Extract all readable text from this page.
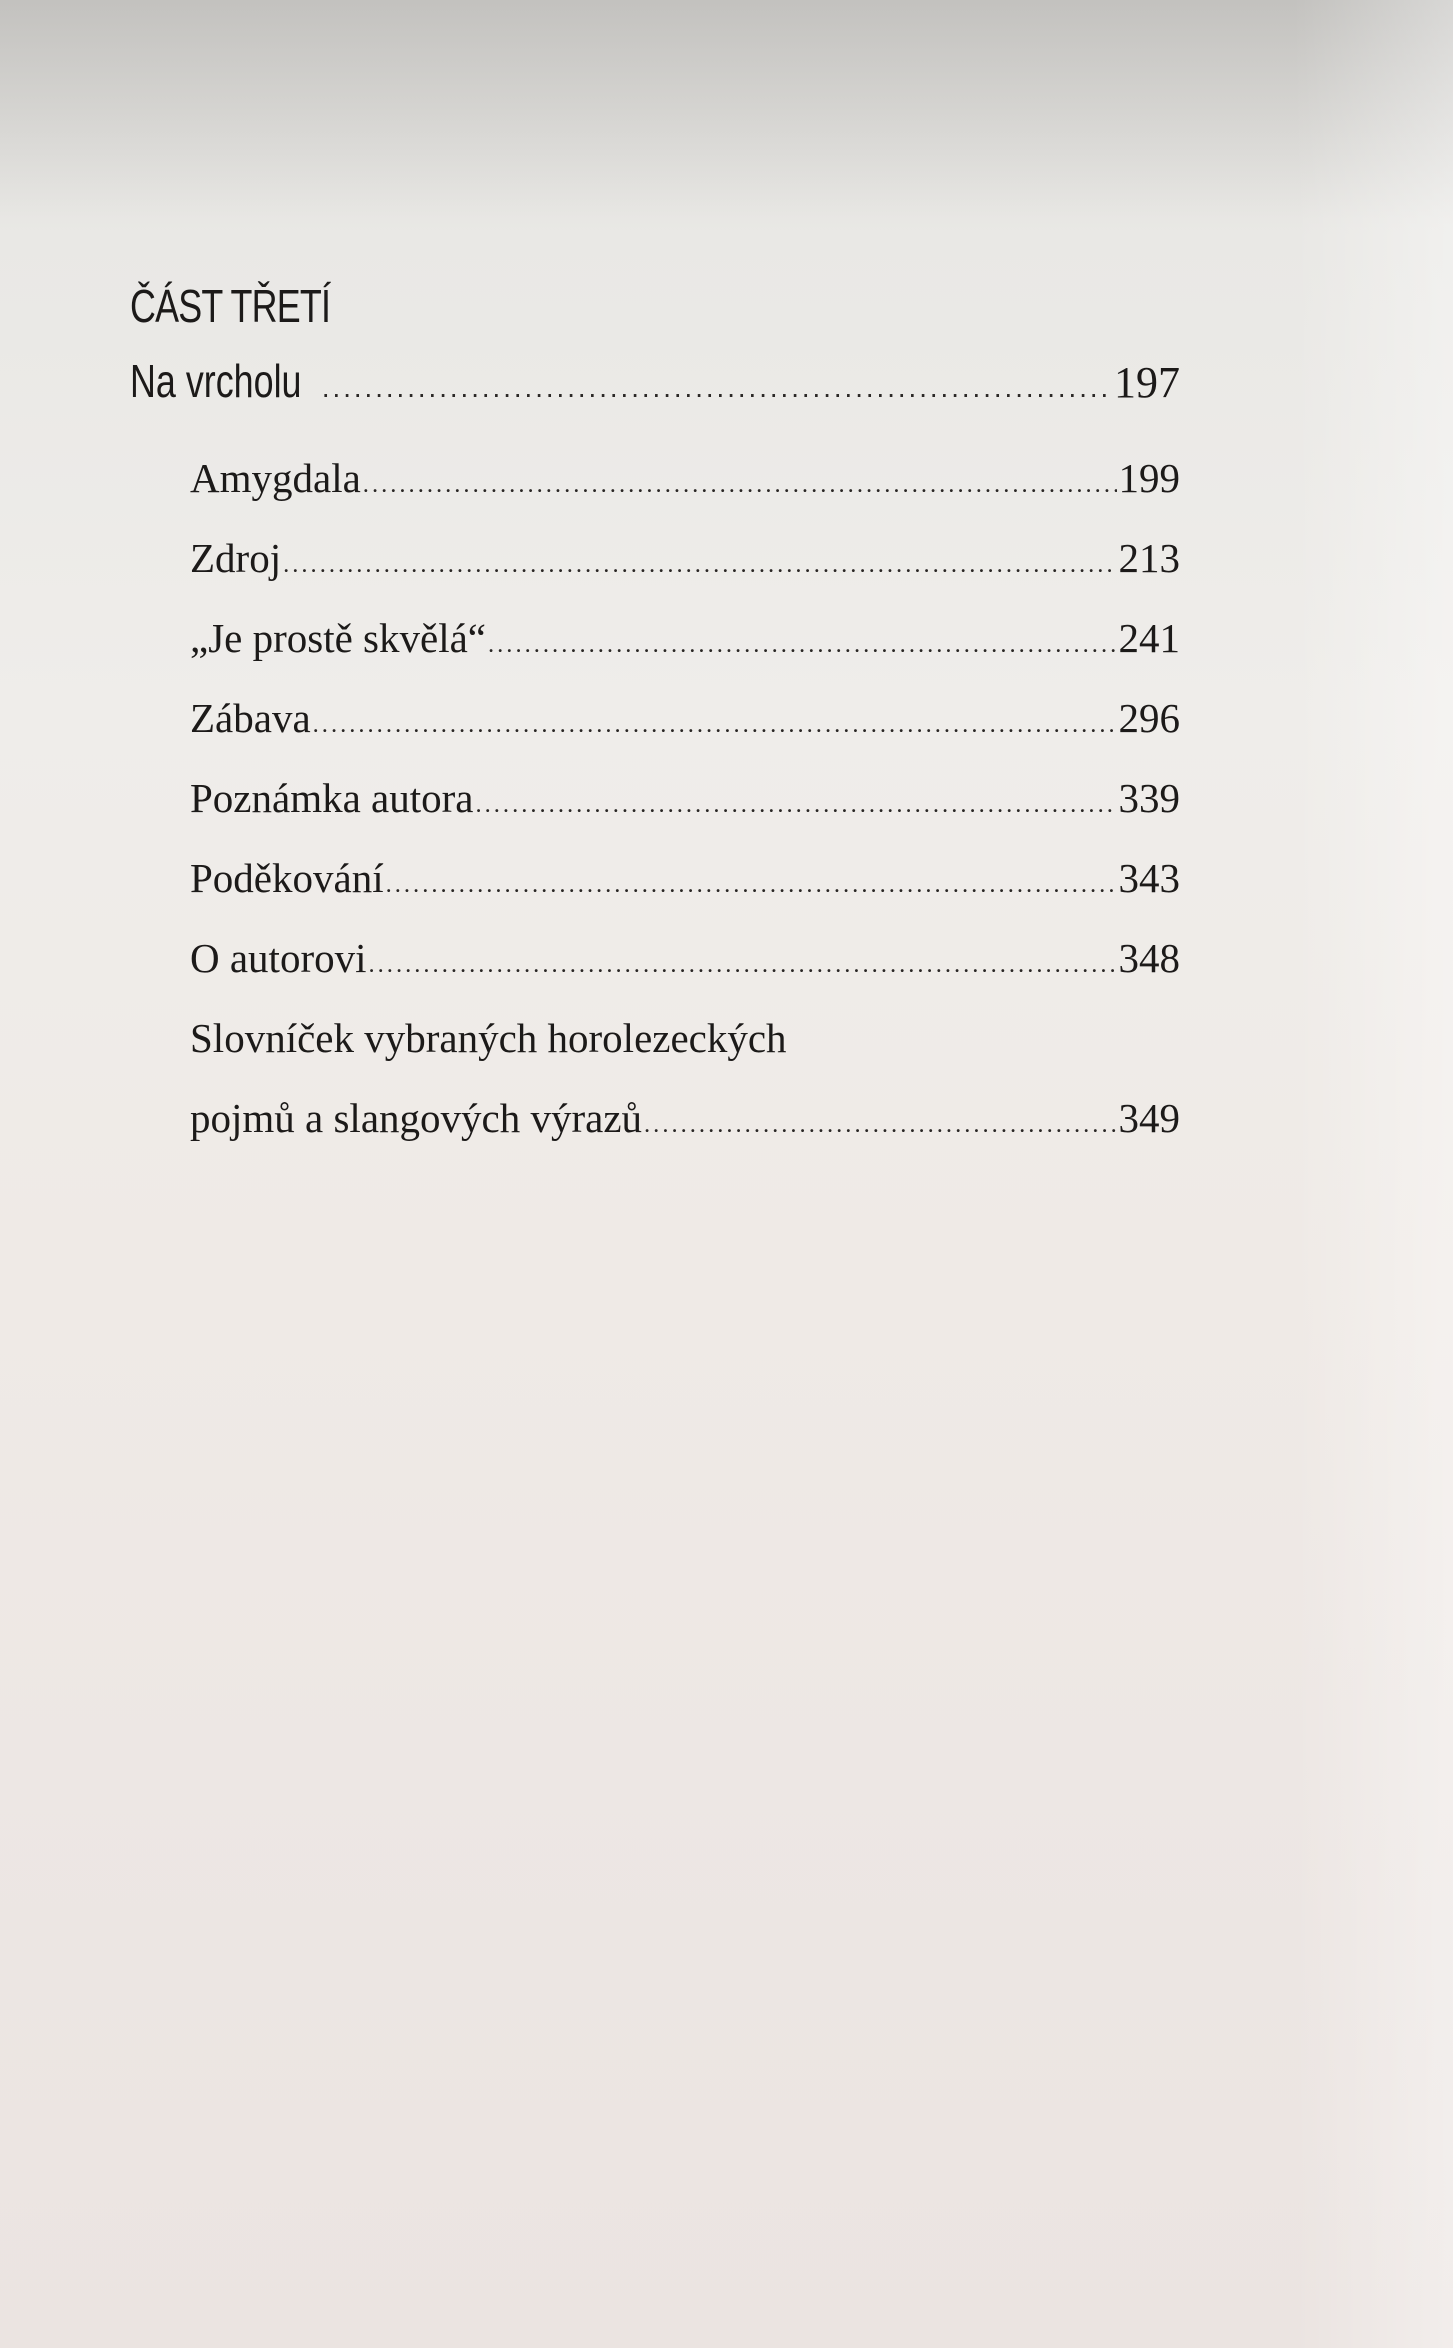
ČÁST TŘETÍ
Na vrcholu .....	197
Amygdala .....	199
Zdroj .....	213
„Je prostě skvělá“ .....	241
Zábava .....	296
Poznámka autora .....	339
Poděkování .....	343
O autorovi .....	348
Slovníček vybraných horolezeckých
pojmů a slangových výrazů .....	349
